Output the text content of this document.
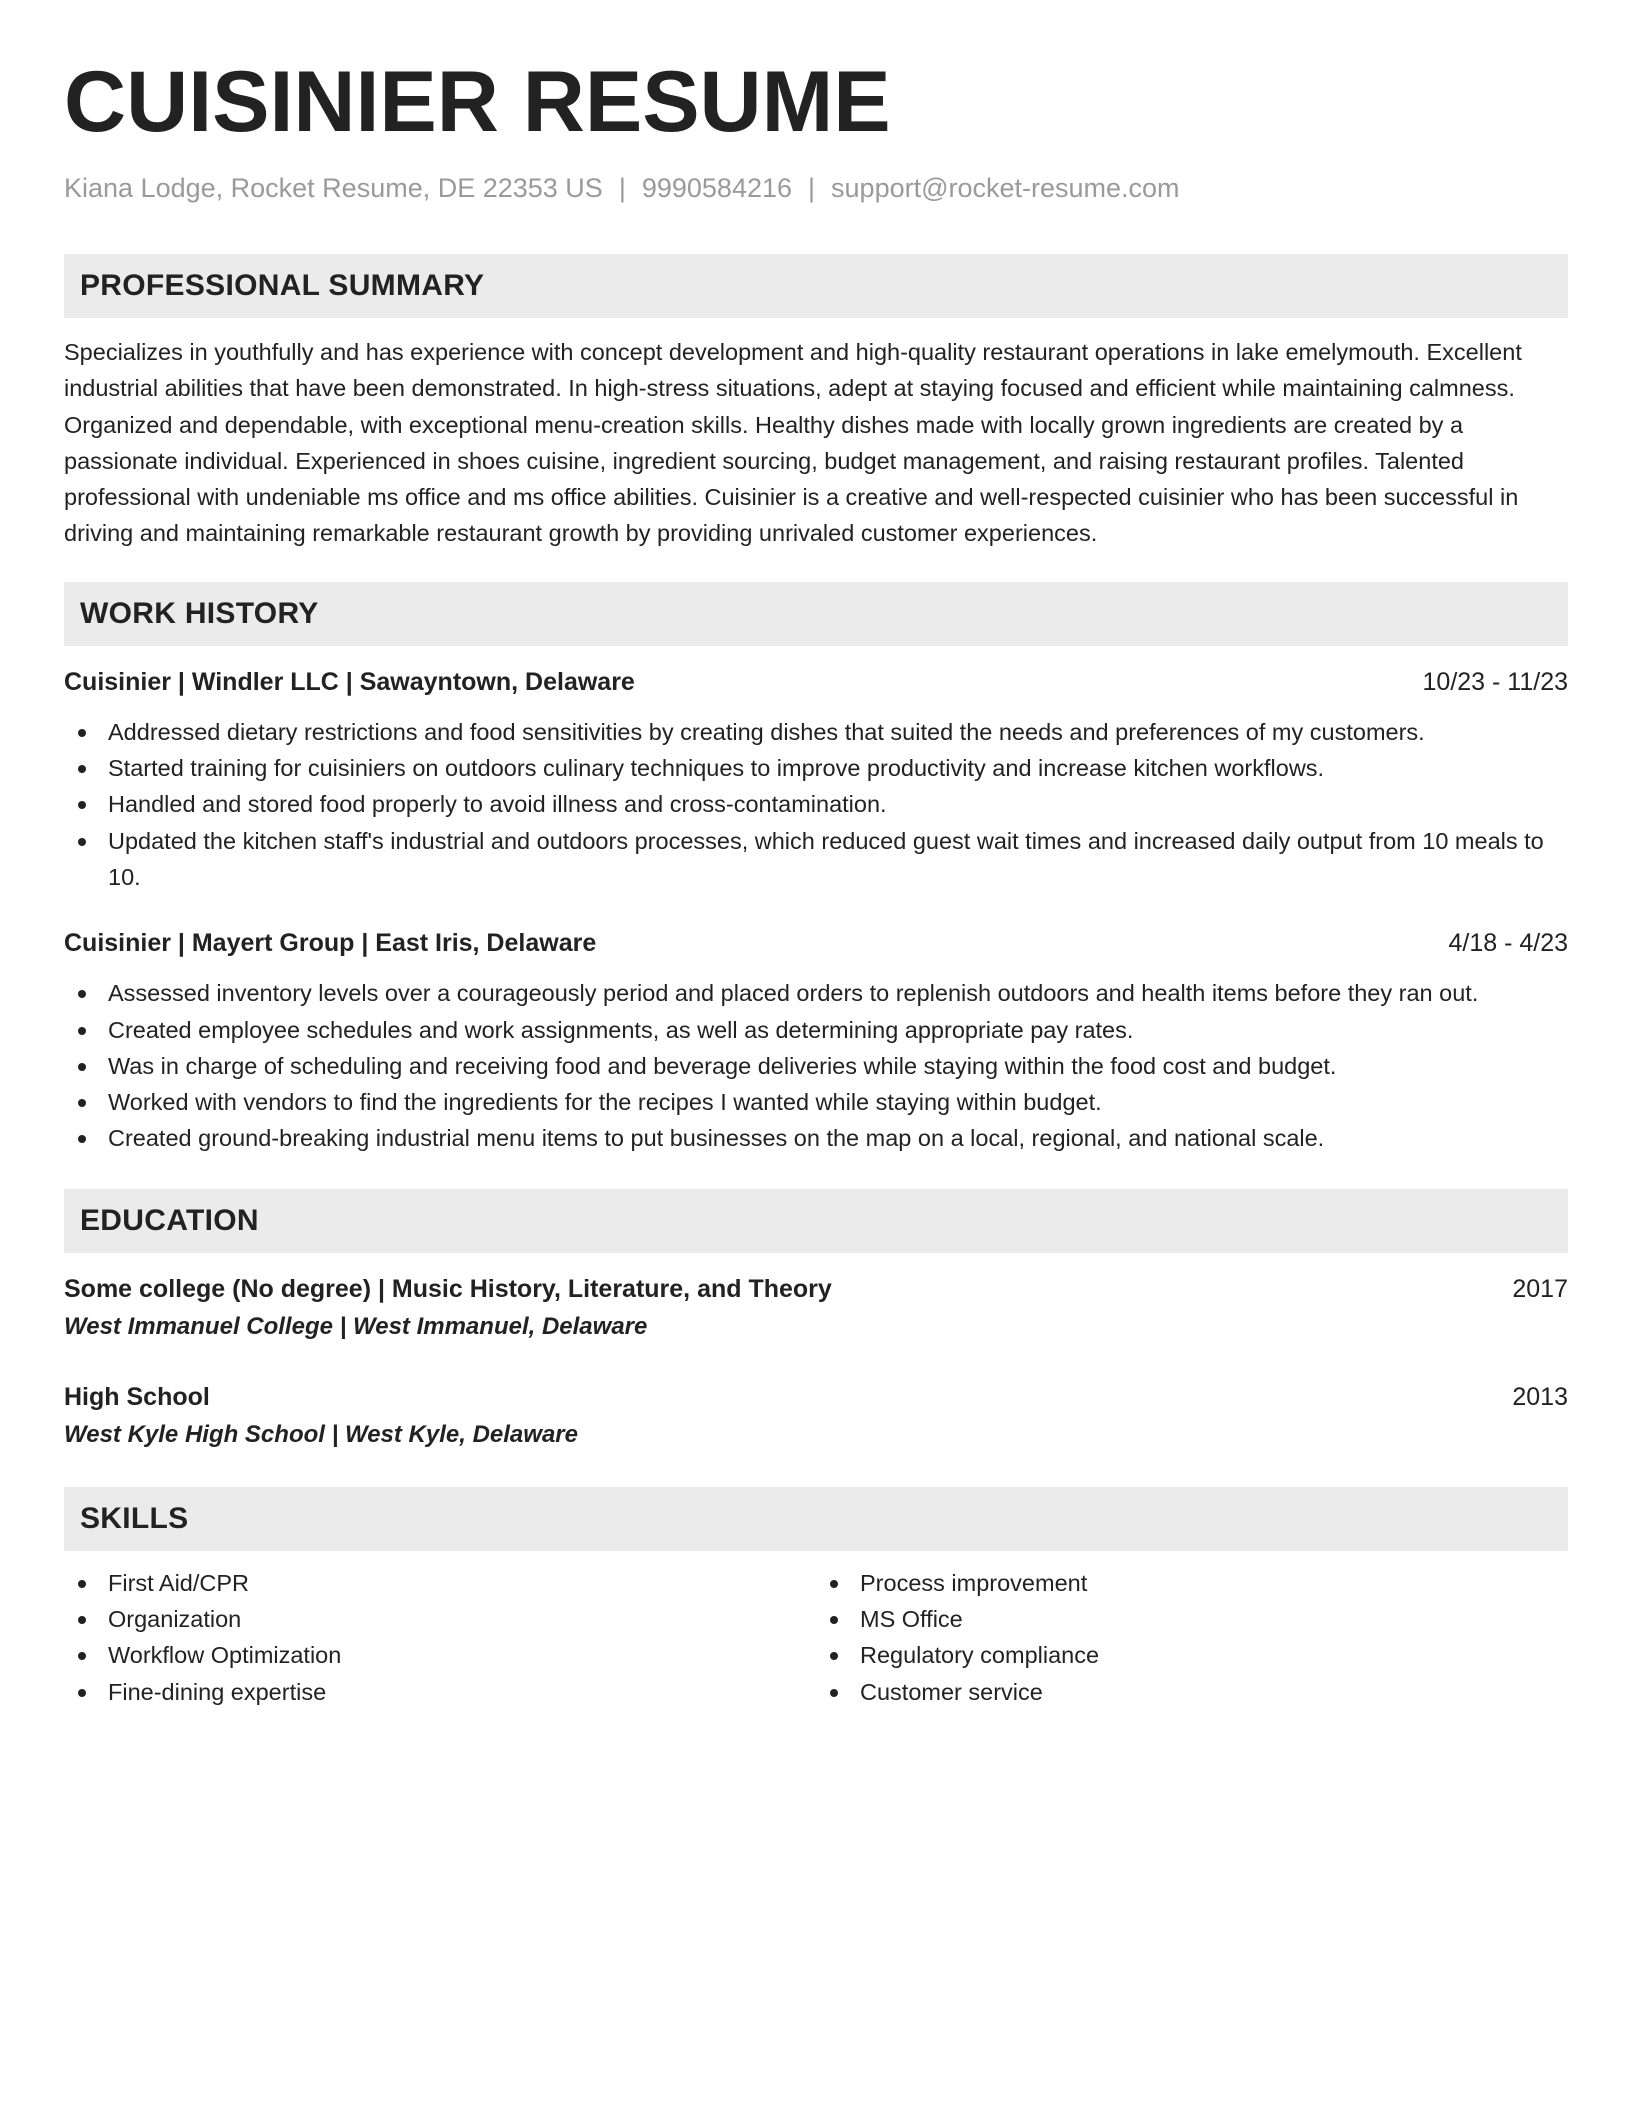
CUISINIER RESUME
Kiana Lodge, Rocket Resume, DE 22353 US | 9990584216 | support@rocket-resume.com
PROFESSIONAL SUMMARY
Specializes in youthfully and has experience with concept development and high-quality restaurant operations in lake emelymouth. Excellent industrial abilities that have been demonstrated. In high-stress situations, adept at staying focused and efficient while maintaining calmness. Organized and dependable, with exceptional menu-creation skills. Healthy dishes made with locally grown ingredients are created by a passionate individual. Experienced in shoes cuisine, ingredient sourcing, budget management, and raising restaurant profiles. Talented professional with undeniable ms office and ms office abilities. Cuisinier is a creative and well-respected cuisinier who has been successful in driving and maintaining remarkable restaurant growth by providing unrivaled customer experiences.
WORK HISTORY
Cuisinier | Windler LLC | Sawayntown, Delaware	10/23 - 11/23
Addressed dietary restrictions and food sensitivities by creating dishes that suited the needs and preferences of my customers.
Started training for cuisiniers on outdoors culinary techniques to improve productivity and increase kitchen workflows.
Handled and stored food properly to avoid illness and cross-contamination.
Updated the kitchen staff's industrial and outdoors processes, which reduced guest wait times and increased daily output from 10 meals to 10.
Cuisinier | Mayert Group | East Iris, Delaware	4/18 - 4/23
Assessed inventory levels over a courageously period and placed orders to replenish outdoors and health items before they ran out.
Created employee schedules and work assignments, as well as determining appropriate pay rates.
Was in charge of scheduling and receiving food and beverage deliveries while staying within the food cost and budget.
Worked with vendors to find the ingredients for the recipes I wanted while staying within budget.
Created ground-breaking industrial menu items to put businesses on the map on a local, regional, and national scale.
EDUCATION
Some college (No degree) | Music History, Literature, and Theory	2017
West Immanuel College | West Immanuel, Delaware
High School	2013
West Kyle High School | West Kyle, Delaware
SKILLS
First Aid/CPR
Organization
Workflow Optimization
Fine-dining expertise
Process improvement
MS Office
Regulatory compliance
Customer service
